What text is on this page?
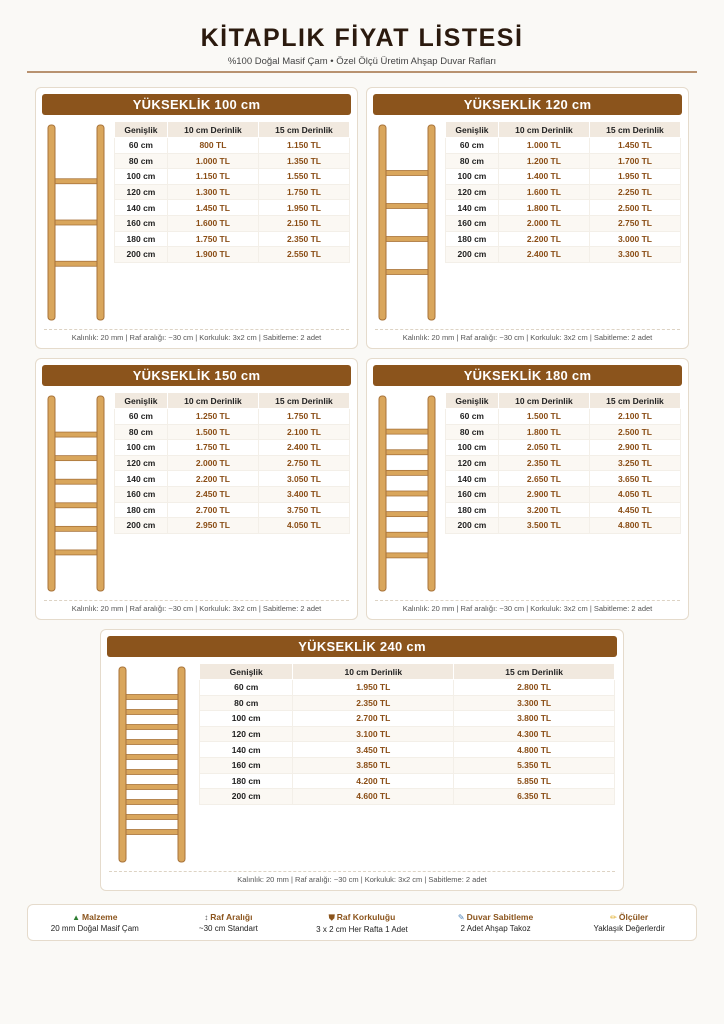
KİTAPLIK FİYAT LİSTESİ
%100 Doğal Masif Çam • Özel Ölçü Üretim Ahşap Duvar Rafları
YÜKSEKLİK 100 cm
Genişlik	10 cm Derinlik	15 cm Derinlik
60 cm	800 TL	1.150 TL
80 cm	1.000 TL	1.350 TL
100 cm	1.150 TL	1.550 TL
120 cm	1.300 TL	1.750 TL
140 cm	1.450 TL	1.950 TL
160 cm	1.600 TL	2.150 TL
180 cm	1.750 TL	2.350 TL
200 cm	1.900 TL	2.550 TL
Kalınlık: 20 mm | Raf aralığı: ~30 cm | Korkuluk: 3x2 cm | Sabitleme: 2 adet
YÜKSEKLİK 120 cm
Genişlik	10 cm Derinlik	15 cm Derinlik
60 cm	1.000 TL	1.450 TL
80 cm	1.200 TL	1.700 TL
100 cm	1.400 TL	1.950 TL
120 cm	1.600 TL	2.250 TL
140 cm	1.800 TL	2.500 TL
160 cm	2.000 TL	2.750 TL
180 cm	2.200 TL	3.000 TL
200 cm	2.400 TL	3.300 TL
Kalınlık: 20 mm | Raf aralığı: ~30 cm | Korkuluk: 3x2 cm | Sabitleme: 2 adet
YÜKSEKLİK 150 cm
Genişlik	10 cm Derinlik	15 cm Derinlik
60 cm	1.250 TL	1.750 TL
80 cm	1.500 TL	2.100 TL
100 cm	1.750 TL	2.400 TL
120 cm	2.000 TL	2.750 TL
140 cm	2.200 TL	3.050 TL
160 cm	2.450 TL	3.400 TL
180 cm	2.700 TL	3.750 TL
200 cm	2.950 TL	4.050 TL
Kalınlık: 20 mm | Raf aralığı: ~30 cm | Korkuluk: 3x2 cm | Sabitleme: 2 adet
YÜKSEKLİK 180 cm
Genişlik	10 cm Derinlik	15 cm Derinlik
60 cm	1.500 TL	2.100 TL
80 cm	1.800 TL	2.500 TL
100 cm	2.050 TL	2.900 TL
120 cm	2.350 TL	3.250 TL
140 cm	2.650 TL	3.650 TL
160 cm	2.900 TL	4.050 TL
180 cm	3.200 TL	4.450 TL
200 cm	3.500 TL	4.800 TL
Kalınlık: 20 mm | Raf aralığı: ~30 cm | Korkuluk: 3x2 cm | Sabitleme: 2 adet
YÜKSEKLİK 240 cm
Genişlik	10 cm Derinlik	15 cm Derinlik
60 cm	1.950 TL	2.800 TL
80 cm	2.350 TL	3.300 TL
100 cm	2.700 TL	3.800 TL
120 cm	3.100 TL	4.300 TL
140 cm	3.450 TL	4.800 TL
160 cm	3.850 TL	5.350 TL
180 cm	4.200 TL	5.850 TL
200 cm	4.600 TL	6.350 TL
Kalınlık: 20 mm | Raf aralığı: ~30 cm | Korkuluk: 3x2 cm | Sabitleme: 2 adet
▲ Malzeme
20 mm Doğal Masif Çam
↕ Raf Aralığı
~30 cm Standart
⛊ Raf Korkuluğu
3 x 2 cm Her Rafta 1 Adet
✎ Duvar Sabitleme
2 Adet Ahşap Takoz
✏ Ölçüler
Yaklaşık Değerlerdir
